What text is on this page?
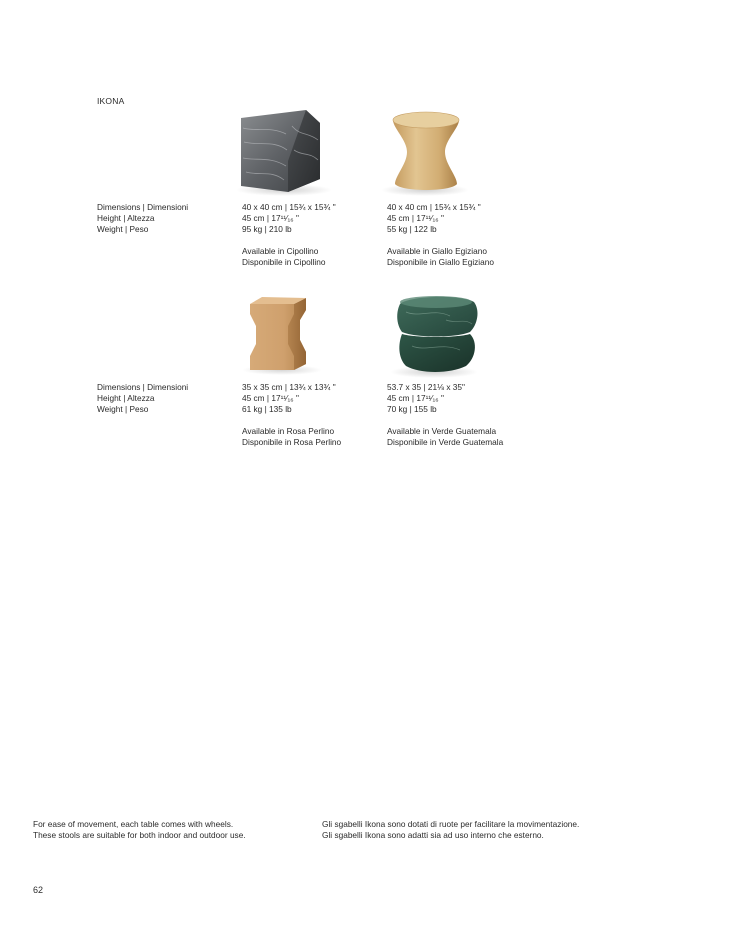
IKONA
Dimensions | Dimensioni
Height | Altezza
Weight | Peso
40 x 40 cm | 15¾ x 15¾ "
45 cm | 17¹¹⁄₁₆ "
95 kg | 210 lb
Available in Cipollino
Disponibile in Cipollino
40 x 40 cm | 15¾ x 15¾ "
45 cm | 17¹¹⁄₁₆ "
55 kg | 122 lb
Available in Giallo Egiziano
Disponibile in Giallo Egiziano
Dimensions | Dimensioni
Height | Altezza
Weight | Peso
35 x 35 cm | 13¾ x 13¾ "
45 cm | 17¹¹⁄₁₆ "
61 kg | 135 lb
Available in Rosa Perlino
Disponibile in Rosa Perlino
53.7 x 35 | 21⅛ x 35"
45 cm | 17¹¹⁄₁₆ "
70 kg | 155 lb
Available in Verde Guatemala
Disponibile in Verde Guatemala
For ease of movement, each table comes with wheels.
These stools are suitable for both indoor and outdoor use.
Gli sgabelli Ikona sono dotati di ruote per facilitare la movimentazione.
Gli sgabelli Ikona sono adatti sia ad uso interno che esterno.
62
